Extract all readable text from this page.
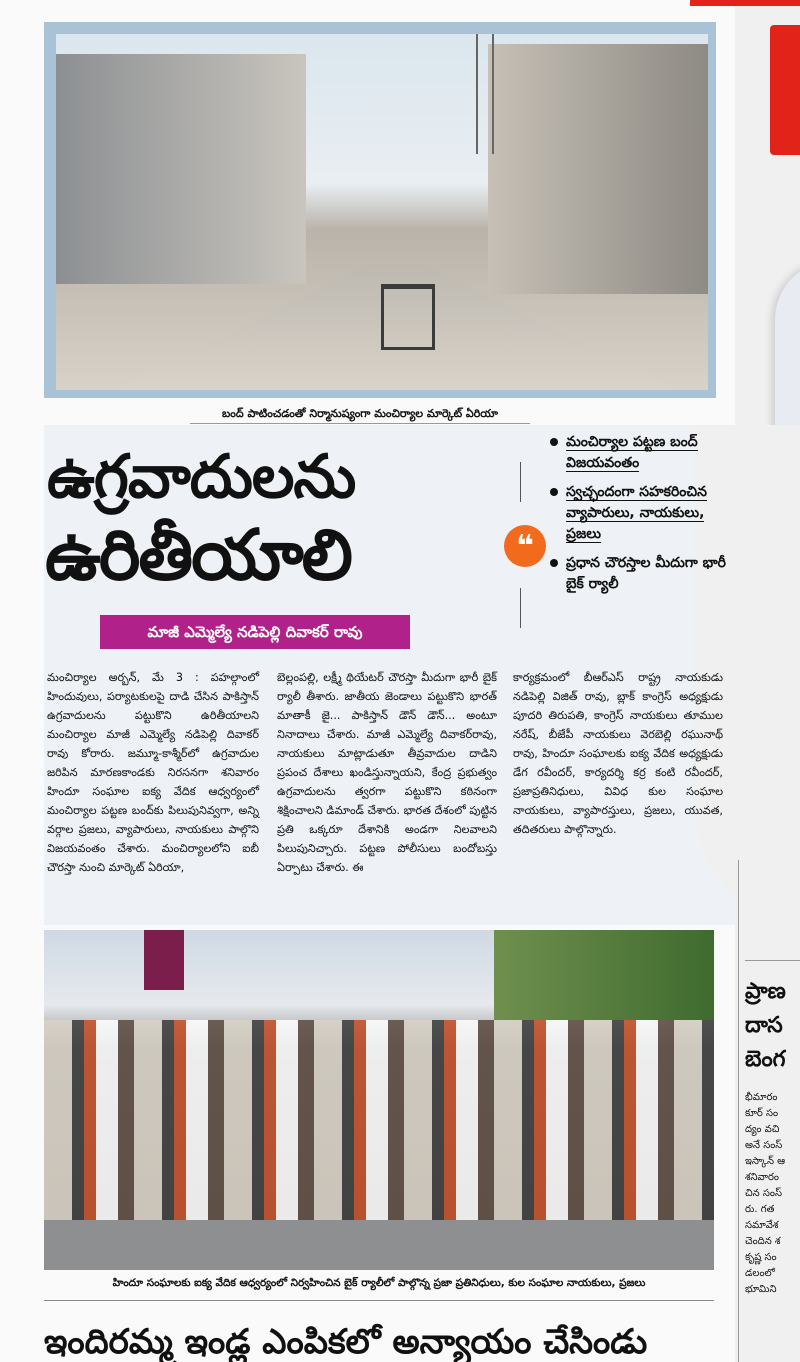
బంద్ పాటించడంతో నిర్మానుష్యంగా మంచిర్యాల మార్కెట్ ఏరియా
ఉగ్రవాదులను
ఉరితీయాలి
మాజీ ఎమ్మెల్యే నడిపెల్లి దివాకర్ రావు
❝
మంచిర్యాల పట్టణ బంద్ విజయవంతం
స్వచ్ఛందంగా సహకరించిన వ్యాపారులు, నాయకులు, ప్రజలు
ప్రధాన చౌరస్తాల మీదుగా భారీ బైక్ ర్యాలీ
మంచిర్యాల అర్బన్, మే 3 : పహల్గాంలో హిందువులు, పర్యాటకులపై దాడి చేసిన పాకిస్తాన్ ఉగ్రవాదులను పట్టుకొని ఉరితీయాలని మంచిర్యాల మాజీ ఎమ్మెల్యే నడిపెల్లి దివాకర్ రావు కోరారు. జమ్మూ-కాశ్మీర్‌లో ఉగ్రవాదుల జరిపిన మారణకాండకు నిరసనగా శనివారం హిందూ సంఘాల ఐక్య వేదిక ఆధ్వర్యంలో మంచిర్యాల పట్టణ బంద్‌కు పిలుపునివ్వగా, అన్ని వర్గాల ప్రజలు, వ్యాపారులు, నాయకులు పాల్గొని విజయవంతం చేశారు. మంచిర్యాలలోని ఐబీ చౌరస్తా నుంచి మార్కెట్ ఏరియా,
బెల్లంపల్లి, లక్ష్మీ థియేటర్ చౌరస్తా మీదుగా భారీ బైక్ ర్యాలీ తీశారు. జాతీయ జెండాలు పట్టుకొని భారత్ మాతాకీ జై... పాకిస్తాన్ డౌన్ డౌన్... అంటూ నినాదాలు చేశారు. మాజీ ఎమ్మెల్యే దివాకర్‌రావు, నాయకులు మాట్లాడుతూ తీవ్రవాదుల దాడిని ప్రపంచ దేశాలు ఖండిస్తున్నాయని, కేంద్ర ప్రభుత్వం ఉగ్రవాదులను త్వరగా పట్టుకొని కఠినంగా శిక్షించాలని డిమాండ్ చేశారు. భారత దేశంలో పుట్టిన ప్రతి ఒక్కరూ దేశానికి అండగా నిలవాలని పిలుపునిచ్చారు. పట్టణ పోలీసులు బందోబస్తు ఏర్పాటు చేశారు. ఈ
కార్యక్రమంలో బీఆర్‌ఎస్ రాష్ట్ర నాయకుడు నడిపెల్లి విజిత్ రావు, బ్లాక్ కాంగ్రెస్ అధ్యక్షుడు పూదరి తిరుపతి, కాంగ్రెస్ నాయకులు తూముల నరేష్, బీజేపీ నాయకులు వెరబెల్లి రఘునాథ్ రావు, హిందూ సంఘాలకు ఐక్య వేదిక అధ్యక్షుడు డేగ రవీందర్, కార్యదర్శి కర్ర కంటి రవీందర్, ప్రజాప్రతినిధులు, వివిధ కుల సంఘాల నాయకులు, వ్యాపారస్తులు, ప్రజలు, యువత, తదితరులు పాల్గొన్నారు.
హిందూ సంఘాలకు ఐక్య వేదిక ఆధ్వర్యంలో నిర్వహించిన బైక్ ర్యాలీలో పాల్గొన్న ప్రజా ప్రతినిధులు, కుల సంఘాల నాయకులు, ప్రజలు
ఇందిరమ్మ ఇండ్ల ఎంపికలో అన్యాయం చేసిండు
ప్రాణ
దాస
బెంగ
భీమారం
కూర్ సం
ద్యం వచి
అనే సంస్
ఇస్కాన్ ఆ
శనివారం
చిన సంస్
రు. గత
సమావేశ
చెందిన శ
కృష్ణ సం
డలంలో
భూమిని
